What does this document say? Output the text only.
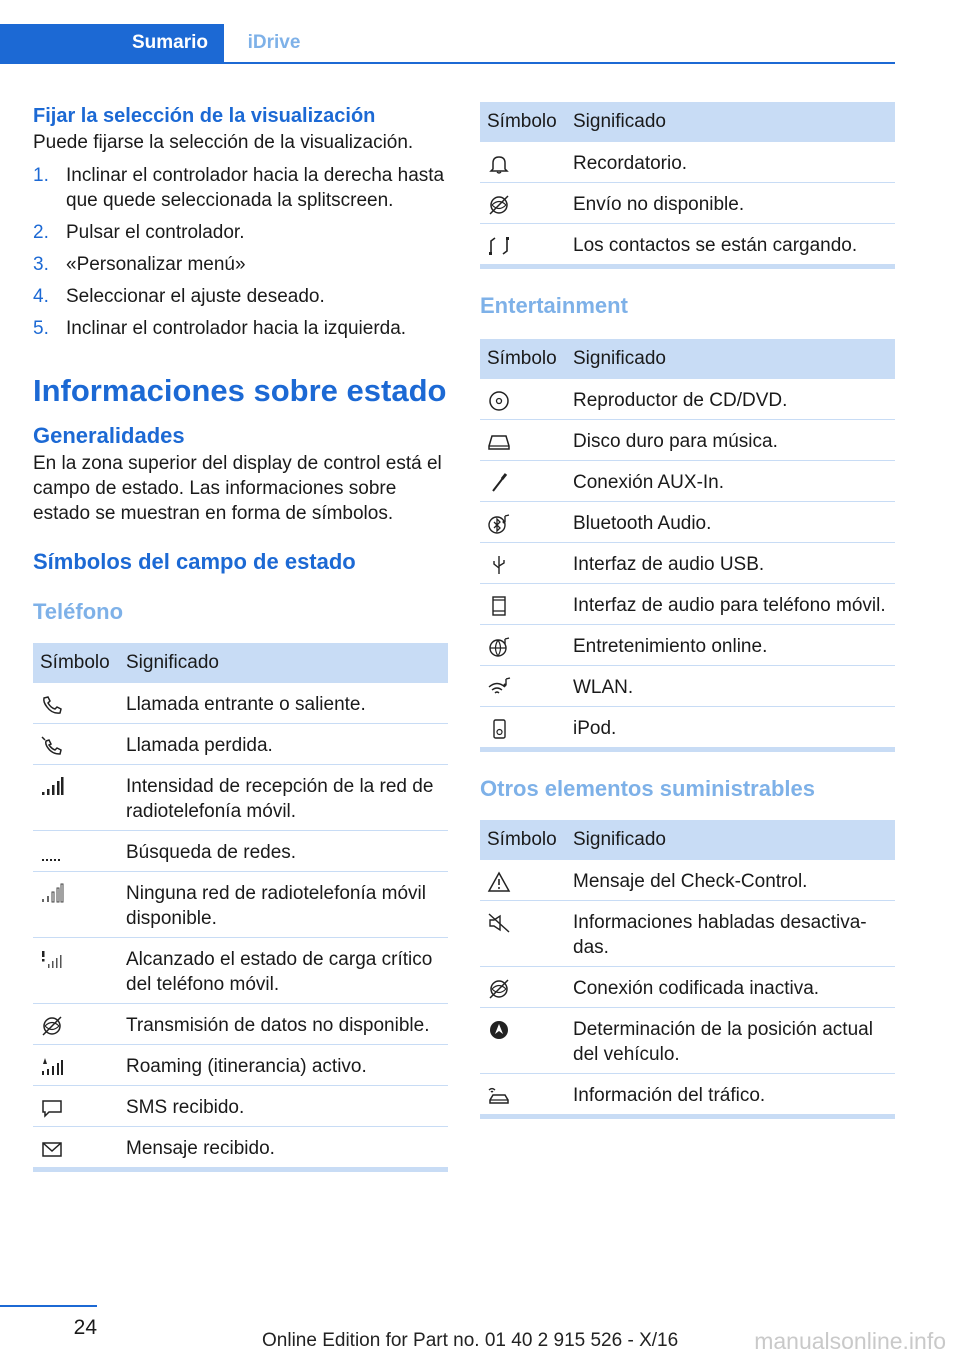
Sumario	iDrive
Fijar la selección de la visualización

Puede fijarse la selección de la visualización.

1. Inclinar el controlador hacia la derecha hasta que quede seleccionada la splitscreen.
2. Pulsar el controlador.
3. «Personalizar menú»
4. Seleccionar el ajuste deseado.
5. Inclinar el controlador hacia la izquierda.
Informaciones sobre estado
Generalidades

En la zona superior del display de control está el campo de estado. Las informaciones sobre estado se muestran en forma de símbolos.

Símbolos del campo de estado
Teléfono
Símbolo	Significado

	Llamada entrante o saliente.

	Llamada perdida.

	Intensidad de recepción de la red de radiotelefonía móvil.

	Búsqueda de redes.

	Ninguna red de radiotelefonía móvil disponible.

	Alcanzado el estado de carga crítico del teléfono móvil.

	Transmisión de datos no disponible.

	Roaming (itinerancia) activo.

	SMS recibido.

	Mensaje recibido.
Símbolo	Significado

	Recordatorio.

	Envío no disponible.

	Los contactos se están cargando.
Entertainment
Símbolo	Significado

	Reproductor de CD/DVD.

	Disco duro para música.

	Conexión AUX-In.

	Bluetooth Audio.

	Interfaz de audio USB.

	Interfaz de audio para teléfono móvil.

	Entretenimiento online.

	WLAN.

	iPod.
Otros elementos suministrables
Símbolo	Significado

	Mensaje del Check-Control.

	Informaciones habladas desactivadas.

	Conexión codificada inactiva.

	Determinación de la posición actual del vehículo.

	Información del tráfico.
24
Online Edition for Part no. 01 40 2 915 526 - X/16	manualsonline.info
